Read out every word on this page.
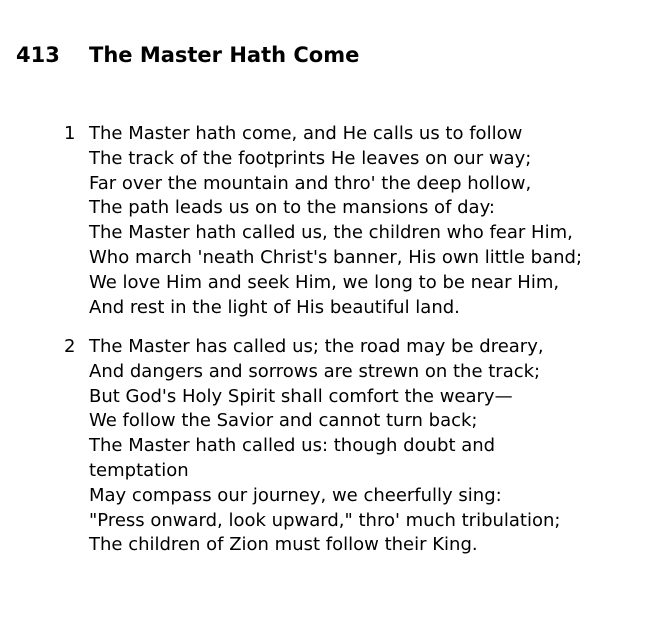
413 The Master Hath Come
1 The Master hath come, and He calls us to follow
The track of the footprints He leaves on our way;
Far over the mountain and thro' the deep hollow,
The path leads us on to the mansions of day:
The Master hath called us, the children who fear Him,
Who march 'neath Christ's banner, His own little band;
We love Him and seek Him, we long to be near Him,
And rest in the light of His beautiful land.
2 The Master has called us; the road may be dreary,
And dangers and sorrows are strewn on the track;
But God's Holy Spirit shall comfort the weary—
We follow the Savior and cannot turn back;
The Master hath called us: though doubt and
temptation
May compass our journey, we cheerfully sing:
"Press onward, look upward," thro' much tribulation;
The children of Zion must follow their King.
